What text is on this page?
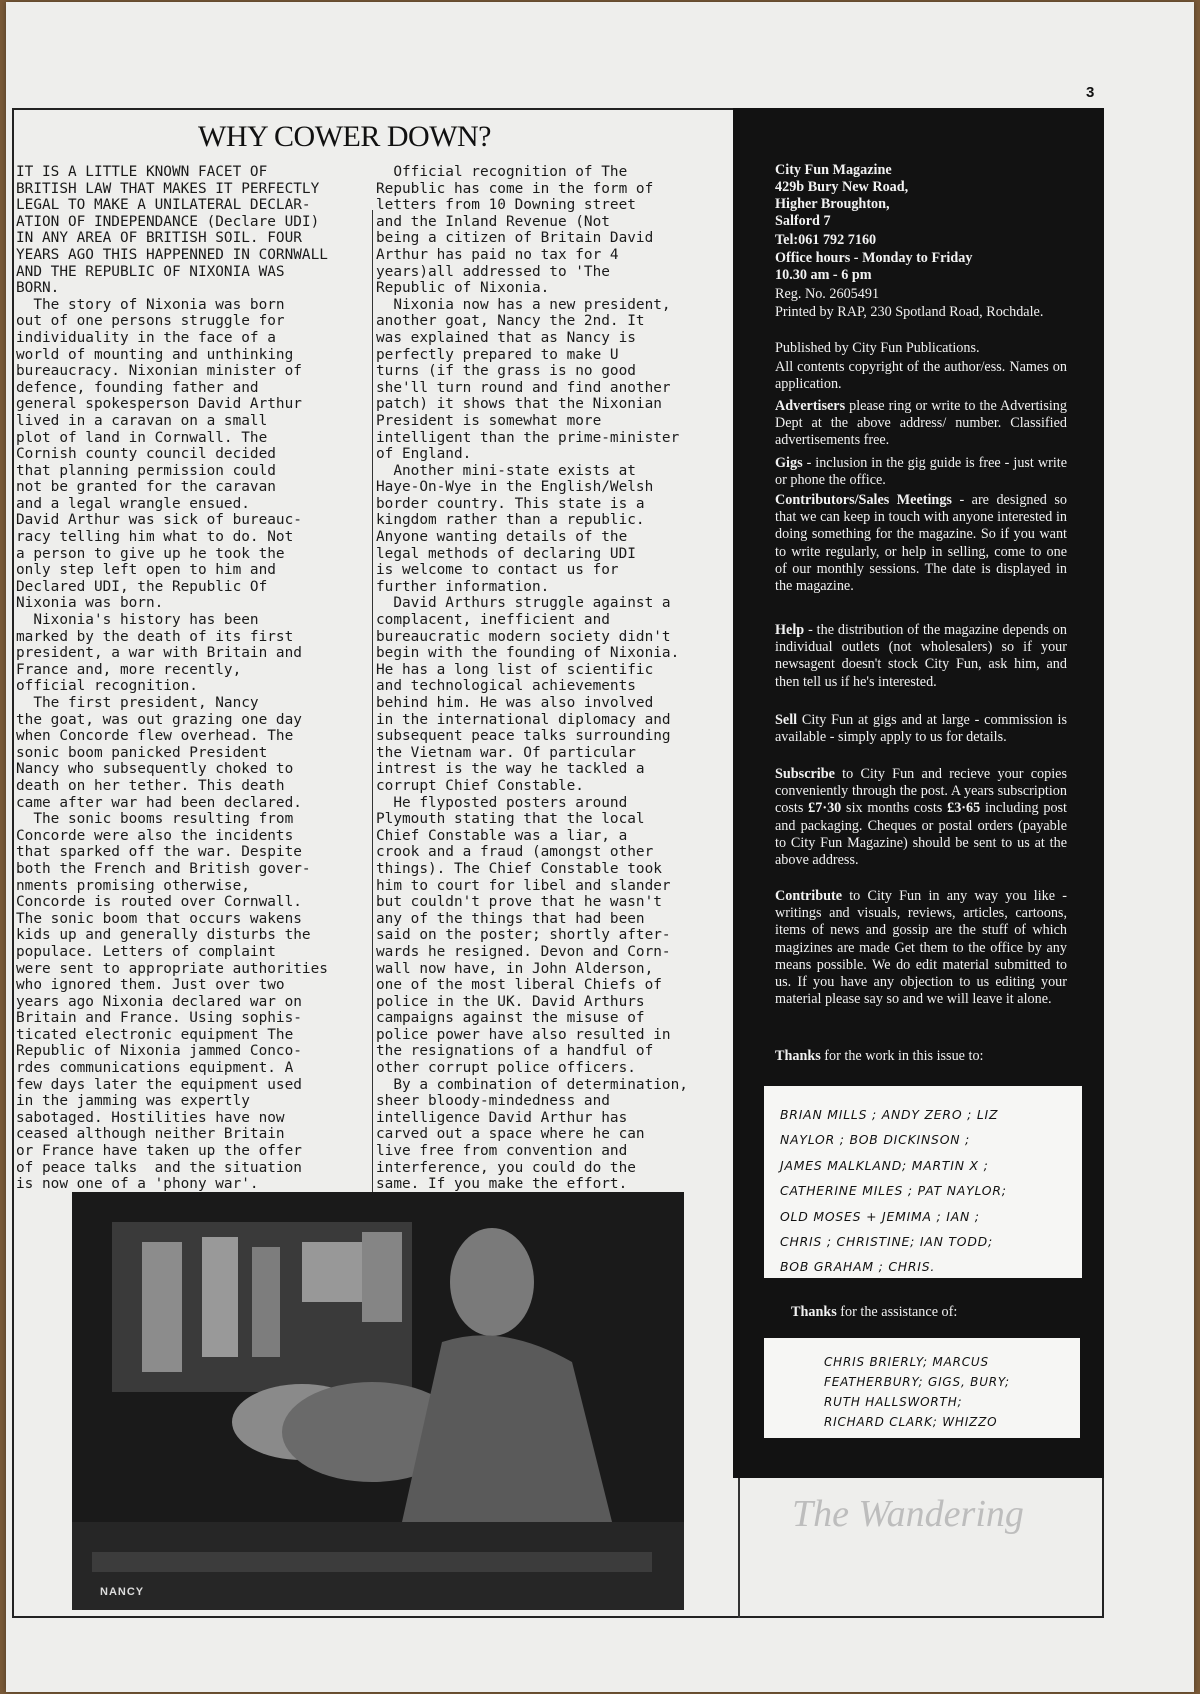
3
WHY COWER DOWN?
IT IS A LITTLE KNOWN FACET OF
BRITISH LAW THAT MAKES IT PERFECTLY
LEGAL TO MAKE A UNILATERAL DECLAR-
ATION OF INDEPENDANCE (Declare UDI)
IN ANY AREA OF BRITISH SOIL. FOUR
YEARS AGO THIS HAPPENNED IN CORNWALL
AND THE REPUBLIC OF NIXONIA WAS
BORN.
The story of Nixonia was born
out of one persons struggle for
individuality in the face of a
world of mounting and unthinking
bureaucracy. Nixonian minister of
defence, founding father and
general spokesperson David Arthur
lived in a caravan on a small
plot of land in Cornwall. The
Cornish county council decided
that planning permission could
not be granted for the caravan
and a legal wrangle ensued.
David Arthur was sick of bureauc-
racy telling him what to do. Not
a person to give up he took the
only step left open to him and
Declared UDI, the Republic Of
Nixonia was born.
Nixonia's history has been
marked by the death of its first
president, a war with Britain and
France and, more recently,
official recognition.
The first president, Nancy
the goat, was out grazing one day
when Concorde flew overhead. The
sonic boom panicked President
Nancy who subsequently choked to
death on her tether. This death
came after war had been declared.
The sonic booms resulting from
Concorde were also the incidents
that sparked off the war. Despite
both the French and British gover-
nments promising otherwise,
Concorde is routed over Cornwall.
The sonic boom that occurs wakens
kids up and generally disturbs the
populace. Letters of complaint
were sent to appropriate authorities
who ignored them. Just over two
years ago Nixonia declared war on
Britain and France. Using sophis-
ticated electronic equipment The
Republic of Nixonia jammed Conco-
rdes communications equipment. A
few days later the equipment used
in the jamming was expertly
sabotaged. Hostilities have now
ceased although neither Britain
or France have taken up the offer
of peace talks  and the situation
is now one of a 'phony war'.
Official recognition of The
Republic has come in the form of
letters from 10 Downing street
and the Inland Revenue (Not
being a citizen of Britain David
Arthur has paid no tax for 4
years)all addressed to 'The
Republic of Nixonia.
Nixonia now has a new president,
another goat, Nancy the 2nd. It
was explained that as Nancy is
perfectly prepared to make U
turns (if the grass is no good
she'll turn round and find another
patch) it shows that the Nixonian
President is somewhat more
intelligent than the prime-minister
of England.
Another mini-state exists at
Haye-On-Wye in the English/Welsh
border country. This state is a
kingdom rather than a republic.
Anyone wanting details of the
legal methods of declaring UDI
is welcome to contact us for
further information.
David Arthurs struggle against a
complacent, inefficient and
bureaucratic modern society didn't
begin with the founding of Nixonia.
He has a long list of scientific
and technological achievements
behind him. He was also involved
in the international diplomacy and
subsequent peace talks surrounding
the Vietnam war. Of particular
intrest is the way he tackled a
corrupt Chief Constable.
He flyposted posters around
Plymouth stating that the local
Chief Constable was a liar, a
crook and a fraud (amongst other
things). The Chief Constable took
him to court for libel and slander
but couldn't prove that he wasn't
any of the things that had been
said on the poster; shortly after-
wards he resigned. Devon and Corn-
wall now have, in John Alderson,
one of the most liberal Chiefs of
police in the UK. David Arthurs
campaigns against the misuse of
police power have also resulted in
the resignations of a handful of
other corrupt police officers.
By a combination of determination,
sheer bloody-mindedness and
intelligence David Arthur has
carved out a space where he can
live free from convention and
interference, you could do the
same. If you make the effort.
NANCY
City Fun Magazine
429b Bury New Road,
Higher Broughton,
Salford 7
Tel:061 792 7160
Office hours - Monday to Friday
10.30 am - 6 pm
Reg. No. 2605491
Printed by RAP, 230 Spotland Road, Rochdale.
Published by City Fun Publications.
All contents copyright of the author/ess. Names on application.
Advertisers please ring or write to the Advertising Dept at the above address/ number. Classified advertisements free.
Gigs - inclusion in the gig guide is free - just write or phone the office.
Contributors/Sales Meetings - are designed so that we can keep in touch with anyone interested in doing something for the magazine. So if you want to write regularly, or help in selling, come to one of our monthly sessions. The date is displayed in the magazine.
Help - the distribution of the magazine depends on individual outlets (not wholesalers) so if your newsagent doesn't stock City Fun, ask him, and then tell us if he's interested.
Sell City Fun at gigs and at large - commission is available - simply apply to us for details.
Subscribe to City Fun and recieve your copies conveniently through the post. A years subscription costs £7·30 six months costs £3·65 including post and packaging. Cheques or postal orders (payable to City Fun Magazine) should be sent to us at the above address.
Contribute to City Fun in any way you like - writings and visuals, reviews, articles, cartoons, items of news and gossip are the stuff of which magizines are made Get them to the office by any means possible. We do edit material submitted to us. If you have any objection to us editing your material please say so and we will leave it alone.
Thanks for the work in this issue to:
Thanks for the assistance of:
BRIAN MILLS ; ANDY ZERO ; LIZ
NAYLOR ; BOB DICKINSON ;
JAMES MALKLAND; MARTIN X ;
CATHERINE MILES ; PAT NAYLOR;
OLD MOSES + JEMIMA ; IAN ;
CHRIS ; CHRISTINE; IAN TODD;
BOB GRAHAM ; CHRIS.
CHRIS BRIERLY; MARCUS
FEATHERBURY; GIGS, BURY;
RUTH HALLSWORTH;
RICHARD CLARK; WHIZZO
The Wandering
